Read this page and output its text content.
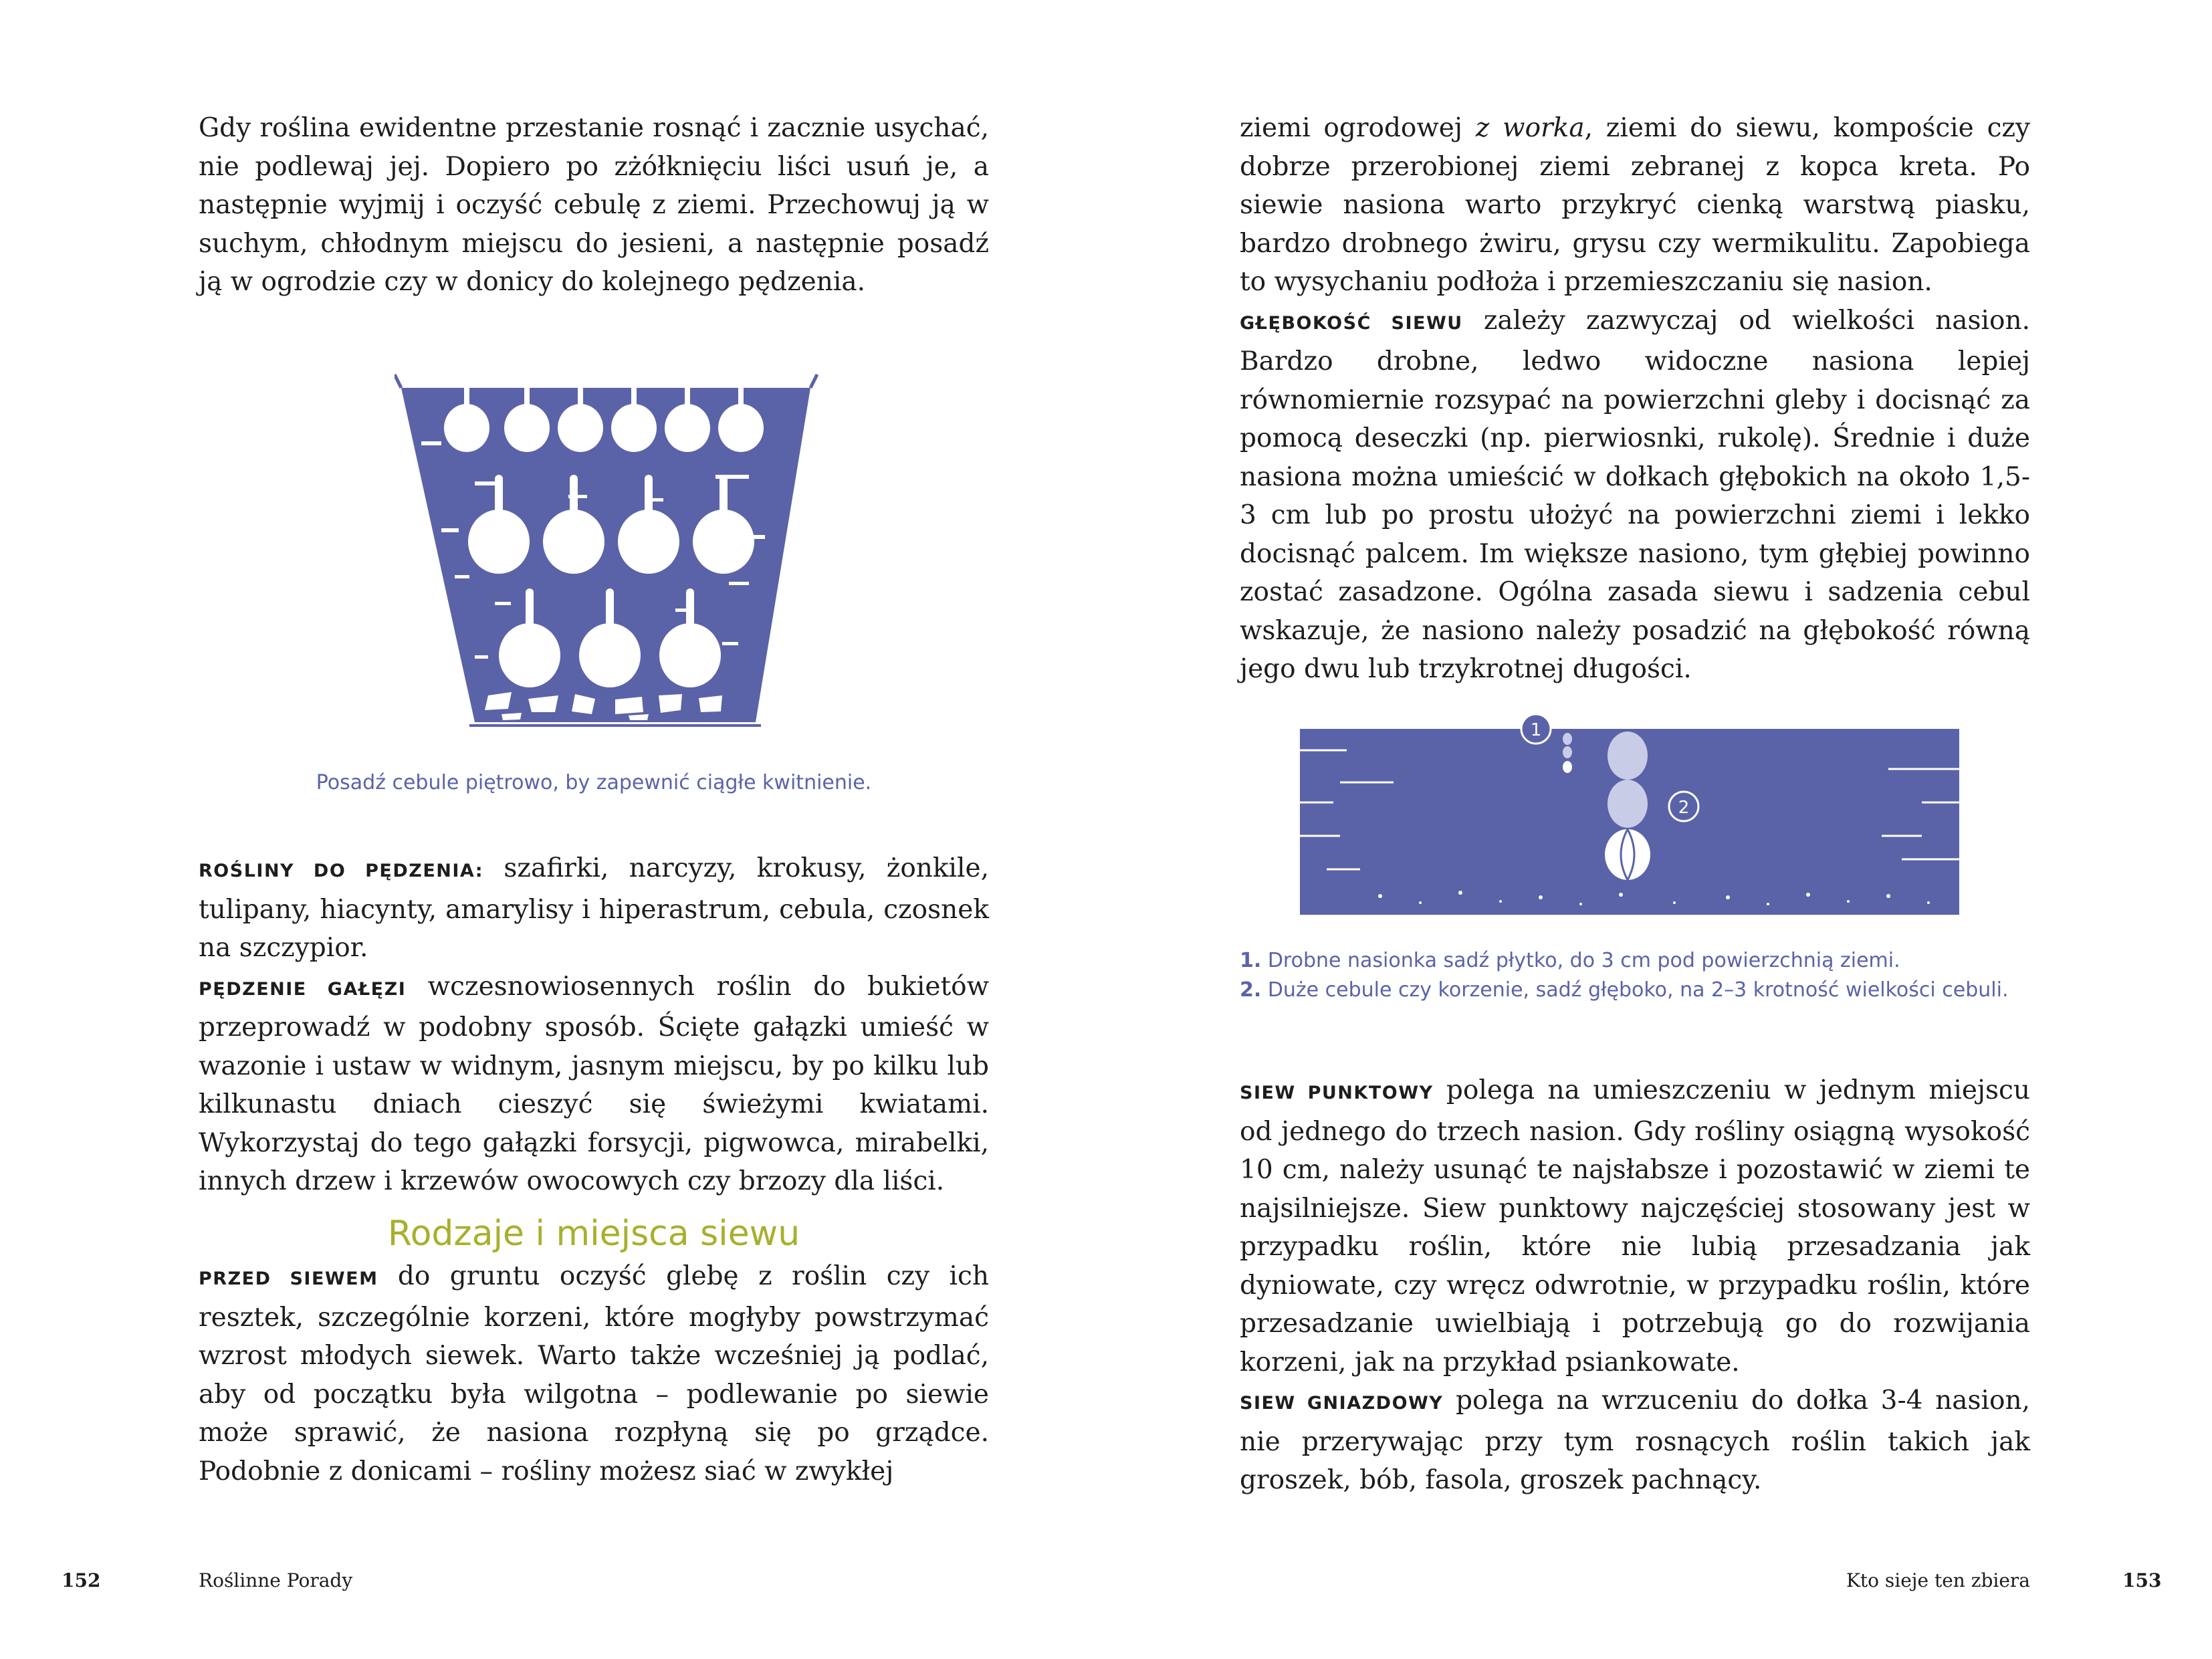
Gdy roślina ewidentne przestanie rosnąć i zacznie usychać, nie podlewaj jej. Dopiero po zżółknięciu liści usuń je, a następnie wyjmij i oczyść cebulę z ziemi. Przechowuj ją w suchym, chłodnym miejscu do jesieni, a następnie posadź ją w ogrodzie czy w donicy do kolejnego pędzenia.

Posadź cebule piętrowo, by zapewnić ciągłe kwitnienie.

ROŚLINY DO PĘDZENIA: szafirki, narcyzy, krokusy, żonkile, tulipany, hiacynty, amarylisy i hiperastrum, cebula, czosnek na szczypior.

PĘDZENIE GAŁĘZI wczesnowiosennych roślin do bukietów przeprowadź w podobny sposób. Ścięte gałązki umieść w wazonie i ustaw w widnym, jasnym miejscu, by po kilku lub kilkunastu dniach cieszyć się świeżymi kwiatami. Wykorzystaj do tego gałązki forsycji, pigwowca, mirabelki, innych drzew i krzewów owocowych czy brzozy dla liści.

Rodzaje i miejsca siewu

PRZED SIEWEM do gruntu oczyść glebę z roślin czy ich resztek, szczególnie korzeni, które mogłyby powstrzymać wzrost młodych siewek. Warto także wcześniej ją podlać, aby od początku była wilgotna – podlewanie po siewie może sprawić, że nasiona rozpłyną się po grządce. Podobnie z donicami – rośliny możesz siać w zwykłej

152	Roślinne Porady

ziemi ogrodowej z worka, ziemi do siewu, kompoście czy dobrze przerobionej ziemi zebranej z kopca kreta. Po siewie nasiona warto przykryć cienką warstwą piasku, bardzo drobnego żwiru, grysu czy wermikulitu. Zapobiega to wysychaniu podłoża i przemieszczaniu się nasion.

GŁĘBOKOŚĆ SIEWU zależy zazwyczaj od wielkości nasion. Bardzo drobne, ledwo widoczne nasiona lepiej równomiernie rozsypać na powierzchni gleby i docisnąć za pomocą deseczki (np. pierwiosnki, rukolę). Średnie i duże nasiona można umieścić w dołkach głębokich na około 1,5-3 cm lub po prostu ułożyć na powierzchni ziemi i lekko docisnąć palcem. Im większe nasiono, tym głębiej powinno zostać zasadzone. Ogólna zasada siewu i sadzenia cebul wskazuje, że nasiono należy posadzić na głębokość równą jego dwu lub trzykrotnej długości.

1
2
1. Drobne nasionka sadź płytko, do 3 cm pod powierzchnią ziemi.
2. Duże cebule czy korzenie, sadź głęboko, na 2–3 krotność wielkości cebuli.

SIEW PUNKTOWY polega na umieszczeniu w jednym miejscu od jednego do trzech nasion. Gdy rośliny osiągną wysokość 10 cm, należy usunąć te najsłabsze i pozostawić w ziemi te najsilniejsze. Siew punktowy najczęściej stosowany jest w przypadku roślin, które nie lubią przesadzania jak dyniowate, czy wręcz odwrotnie, w przypadku roślin, które przesadzanie uwielbiają i potrzebują go do rozwijania korzeni, jak na przykład psiankowate.

SIEW GNIAZDOWY polega na wrzuceniu do dołka 3-4 nasion, nie przerywając przy tym rosnących roślin takich jak groszek, bób, fasola, groszek pachnący.

Kto sieje ten zbiera	153
